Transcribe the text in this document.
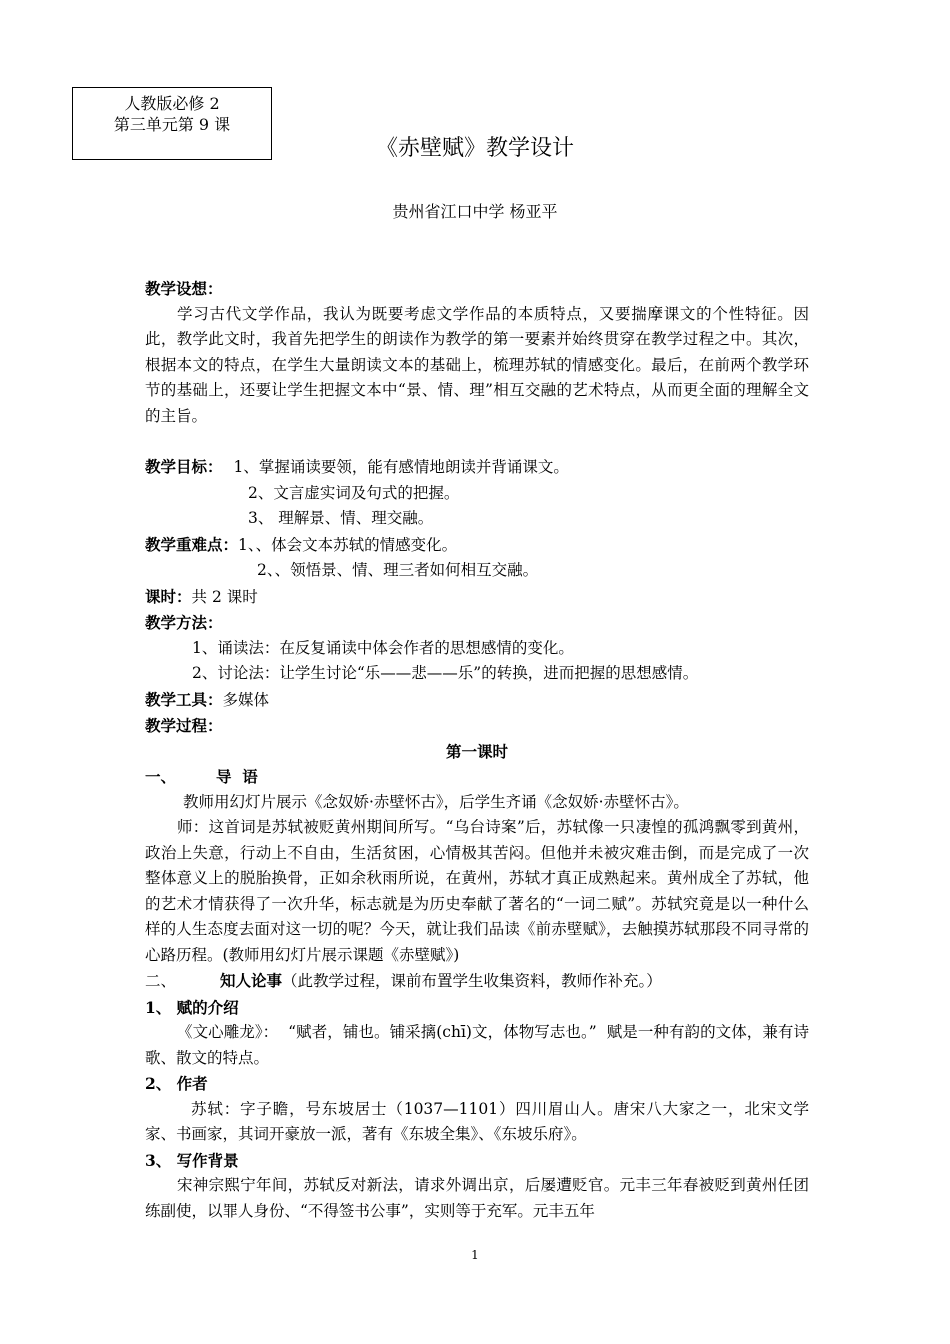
人教版必修 2
第三单元第 9 课
《赤壁赋》教学设计
贵州省江口中学 杨亚平

教学设想：

学习古代文学作品，我认为既要考虑文学作品的本质特点，又要揣摩课文的个性特征。因此，教学此文时，我首先把学生的朗读作为教学的第一要素并始终贯穿在教学过程之中。其次，根据本文的特点，在学生大量朗读文本的基础上，梳理苏轼的情感变化。最后，在前两个教学环节的基础上，还要让学生把握文本中“景、情、理”相互交融的艺术特点，从而更全面的理解全文的主旨。

教学目标： 1、掌握诵读要领，能有感情地朗读并背诵课文。

2、文言虚实词及句式的把握。

3、 理解景、情、理交融。

教学重难点：1、、体会文本苏轼的情感变化。

2、、领悟景、情、理三者如何相互交融。

课时：共 2 课时

教学方法：

1、诵读法：在反复诵读中体会作者的思想感情的变化。

2、讨论法：让学生讨论“乐——悲——乐”的转换，进而把握的思想感情。

教学工具：多媒体

教学过程：

第一课时

一、	导  语

教师用幻灯片展示《念奴娇·赤壁怀古》，后学生齐诵《念奴娇·赤壁怀古》。

师：这首词是苏轼被贬黄州期间所写。“乌台诗案”后，苏轼像一只凄惶的孤鸿飘零到黄州，政治上失意，行动上不自由，生活贫困，心情极其苦闷。但他并未被灾难击倒，而是完成了一次整体意义上的脱胎换骨，正如余秋雨所说，在黄州，苏轼才真正成熟起来。黄州成全了苏轼，他的艺术才情获得了一次升华，标志就是为历史奉献了著名的“一词二赋”。苏轼究竟是以一种什么样的人生态度去面对这一切的呢？今天，就让我们品读《前赤壁赋》，去触摸苏轼那段不同寻常的心路历程。(教师用幻灯片展示课题《赤壁赋》)

二、	知人论事（此教学过程，课前布置学生收集资料，教师作补充。）

1、 赋的介绍

《文心雕龙》：  “赋者，铺也。铺采摛(chī)文，体物写志也。”  赋是一种有韵的文体，兼有诗歌、散文的特点。

2、 作者

苏轼：字子瞻，号东坡居士（1037—1101）四川眉山人。唐宋八大家之一，北宋文学家、书画家，其词开豪放一派，著有《东坡全集》、《东坡乐府》。

3、 写作背景

宋神宗熙宁年间，苏轼反对新法，请求外调出京，后屡遭贬官。元丰三年春被贬到黄州任团练副使，以罪人身份、“不得签书公事”，实则等于充军。元丰五年

1
